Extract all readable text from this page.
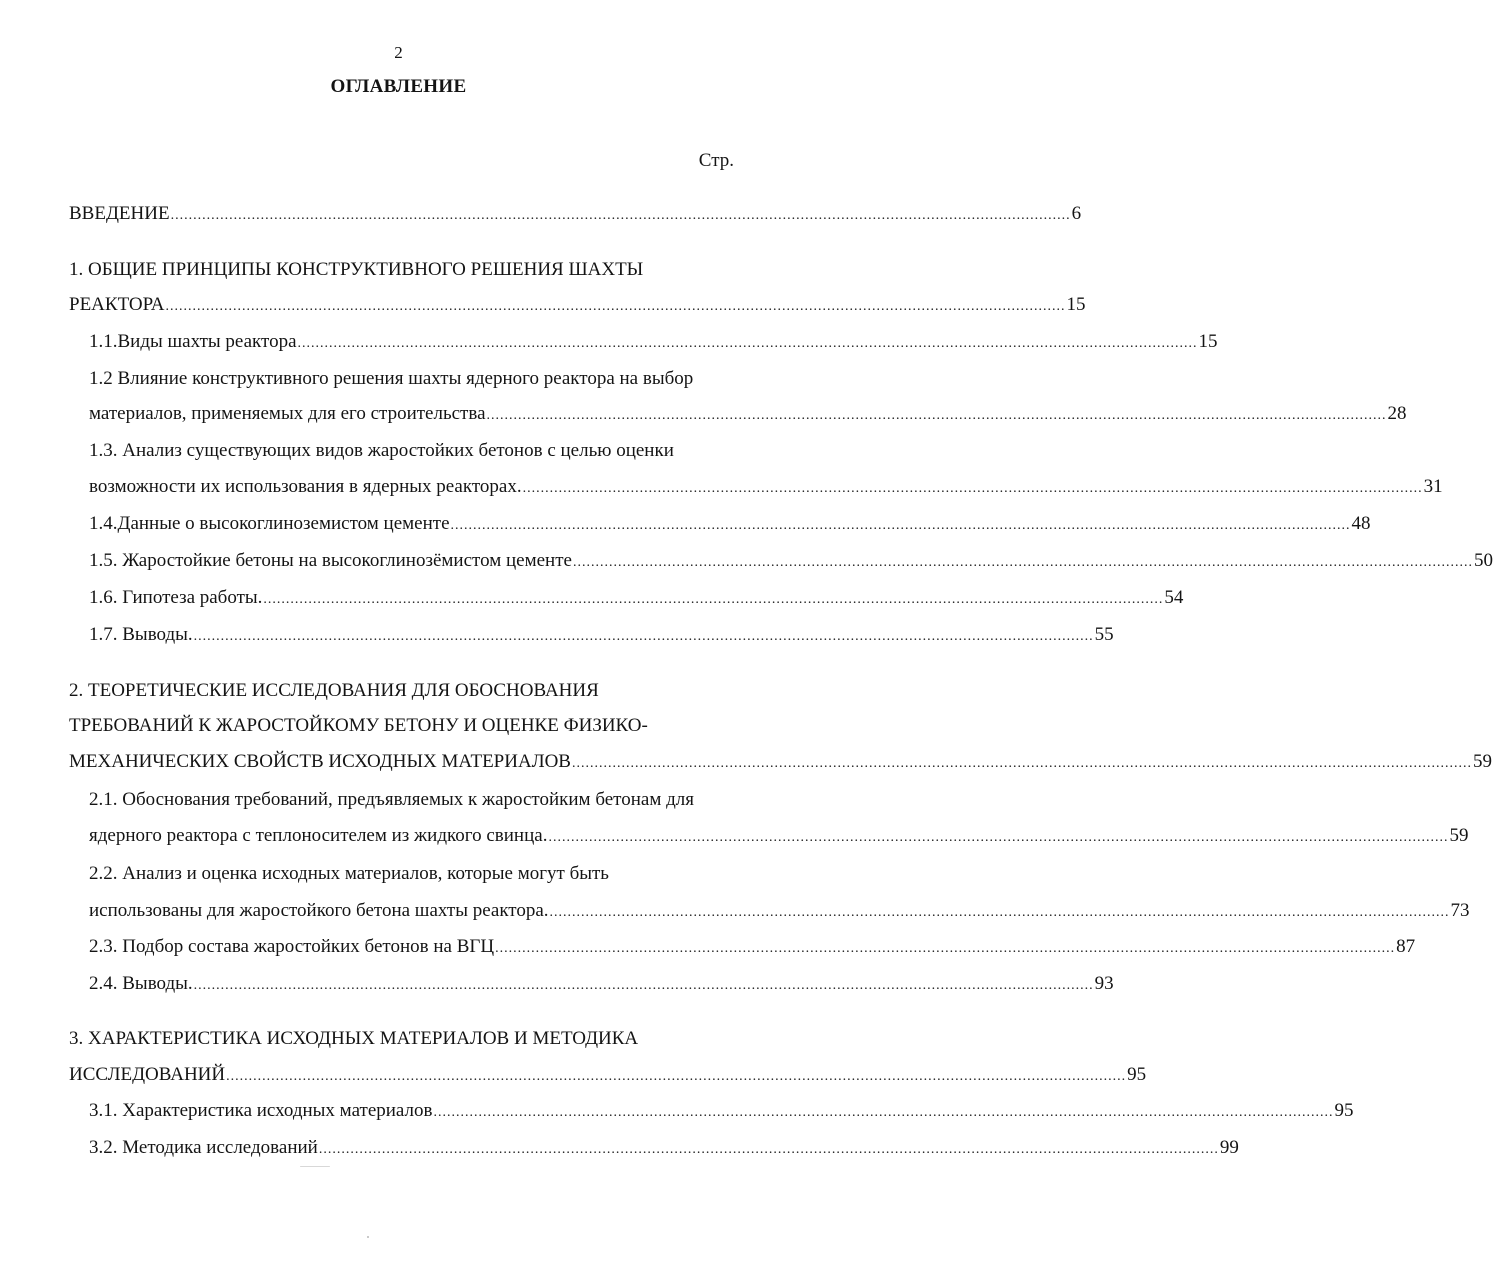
2
ОГЛАВЛЕНИЕ
Стр.
ВВЕДЕНИЕ ........................................................................................................................................................................................................ 6
1. ОБЩИЕ ПРИНЦИПЫ КОНСТРУКТИВНОГО РЕШЕНИЯ ШАХТЫ
РЕАКТОРА ........................................................................................................................................................................................................ 15
1.1.Виды шахты реактора ........................................................................................................................................................................................................ 15
1.2 Влияние конструктивного решения шахты ядерного реактора на выбор
материалов, применяемых для его строительства ........................................................................................................................................................................................................ 28
1.3. Анализ существующих видов жаростойких бетонов с целью оценки
возможности их использования в ядерных реакторах. ........................................................................................................................................................................................................ 31
1.4.Данные о высокоглиноземистом цементе ........................................................................................................................................................................................................ 48
1.5. Жаростойкие бетоны на высокоглинозёмистом цементе ........................................................................................................................................................................................................ 50
1.6. Гипотеза работы. ........................................................................................................................................................................................................ 54
1.7. Выводы. ........................................................................................................................................................................................................ 55
2. ТЕОРЕТИЧЕСКИЕ ИССЛЕДОВАНИЯ ДЛЯ ОБОСНОВАНИЯ
ТРЕБОВАНИЙ К ЖАРОСТОЙКОМУ БЕТОНУ И ОЦЕНКЕ ФИЗИКО-
МЕХАНИЧЕСКИХ СВОЙСТВ ИСХОДНЫХ МАТЕРИАЛОВ ........................................................................................................................................................................................................ 59
2.1. Обоснования требований, предъявляемых к жаростойким бетонам для
ядерного реактора с теплоносителем из жидкого свинца. ........................................................................................................................................................................................................ 59
2.2. Анализ и оценка исходных материалов, которые могут быть
использованы для жаростойкого бетона шахты реактора. ........................................................................................................................................................................................................ 73
2.3. Подбор состава жаростойких бетонов на ВГЦ ........................................................................................................................................................................................................ 87
2.4. Выводы. ........................................................................................................................................................................................................ 93
3. ХАРАКТЕРИСТИКА ИСХОДНЫХ МАТЕРИАЛОВ И МЕТОДИКА
ИССЛЕДОВАНИЙ ........................................................................................................................................................................................................ 95
3.1. Характеристика исходных материалов ........................................................................................................................................................................................................ 95
3.2. Методика исследований ........................................................................................................................................................................................................ 99
